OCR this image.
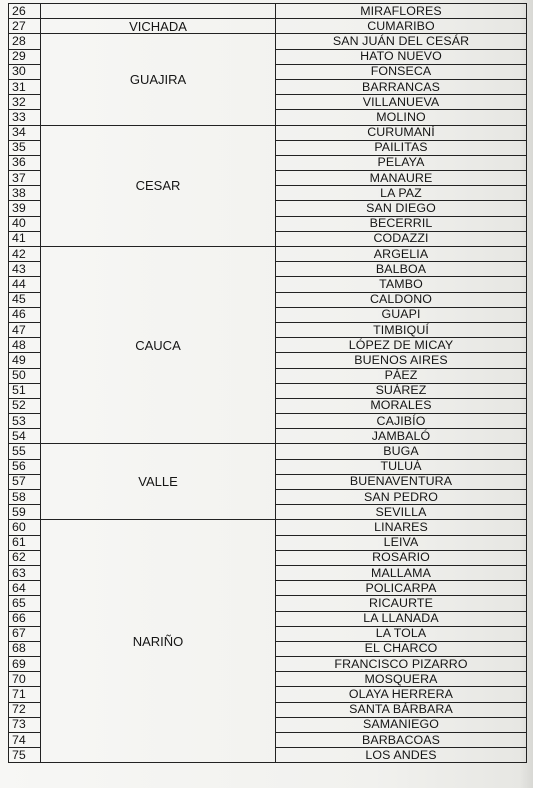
26		MIRAFLORES
27	VICHADA	CUMARIBO
28	GUAJIRA	SAN JUÁN DEL CESÁR
29		HATO NUEVO
30		FONSECA
31		BARRANCAS
32		VILLANUEVA
33		MOLINO
34	CESAR	CURUMANÍ
35		PAILITAS
36		PELAYA
37		MANAURE
38		LA PAZ
39		SAN DIEGO
40		BECERRIL
41		CODAZZI
42	CAUCA	ARGELIA
43		BALBOA
44		TAMBO
45		CALDONO
46		GUAPI
47		TIMBIQUÍ
48		LÓPEZ DE MICAY
49		BUENOS AIRES
50		PÁEZ
51		SUÁREZ
52		MORALES
53		CAJIBÍO
54		JAMBALÓ
55	VALLE	BUGA
56		TULUÁ
57		BUENAVENTURA
58		SAN PEDRO
59		SEVILLA
60	NARIÑO	LINARES
61		LEIVA
62		ROSARIO
63		MALLAMA
64		POLICARPA
65		RICAURTE
66		LA LLANADA
67		LA TOLA
68		EL CHARCO
69		FRANCISCO PIZARRO
70		MOSQUERA
71		OLAYA HERRERA
72		SANTA BÁRBARA
73		SAMANIEGO
74		BARBACOAS
75		LOS ANDES
